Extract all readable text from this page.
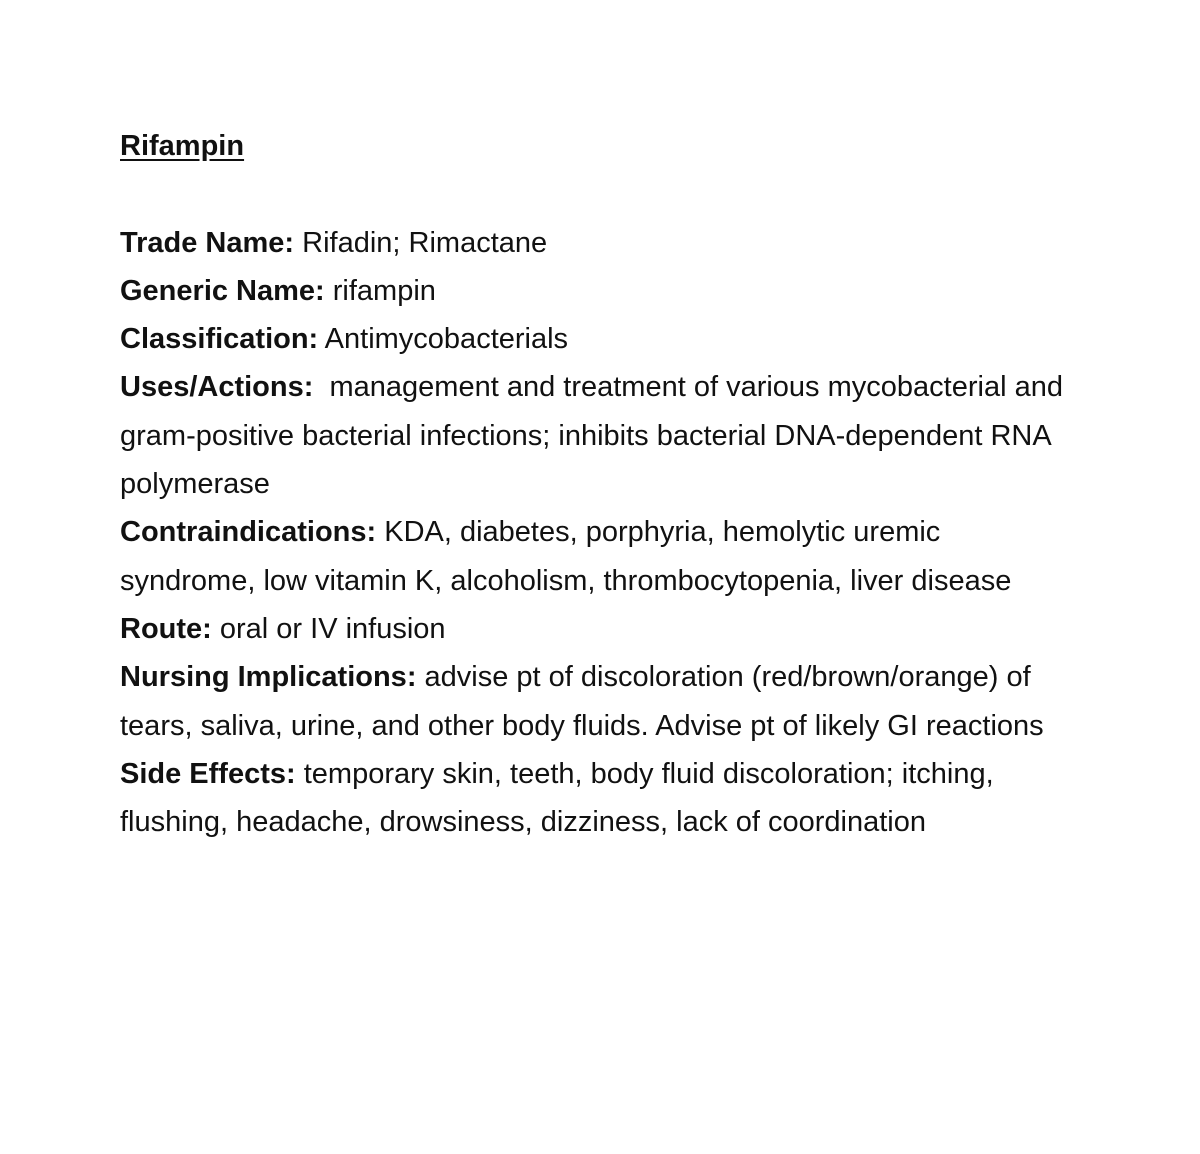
Rifampin

Trade Name: Rifadin; Rimactane

Generic Name: rifampin

Classification: Antimycobacterials

Uses/Actions:  management and treatment of various mycobacterial and gram-positive bacterial infections; inhibits bacterial DNA-dependent RNA polymerase

Contraindications: KDA, diabetes, porphyria, hemolytic uremic syndrome, low vitamin K, alcoholism, thrombocytopenia, liver disease

Route: oral or IV infusion

Nursing Implications: advise pt of discoloration (red/brown/orange) of tears, saliva, urine, and other body fluids. Advise pt of likely GI reactions

Side Effects: temporary skin, teeth, body fluid discoloration; itching, flushing, headache, drowsiness, dizziness, lack of coordination
